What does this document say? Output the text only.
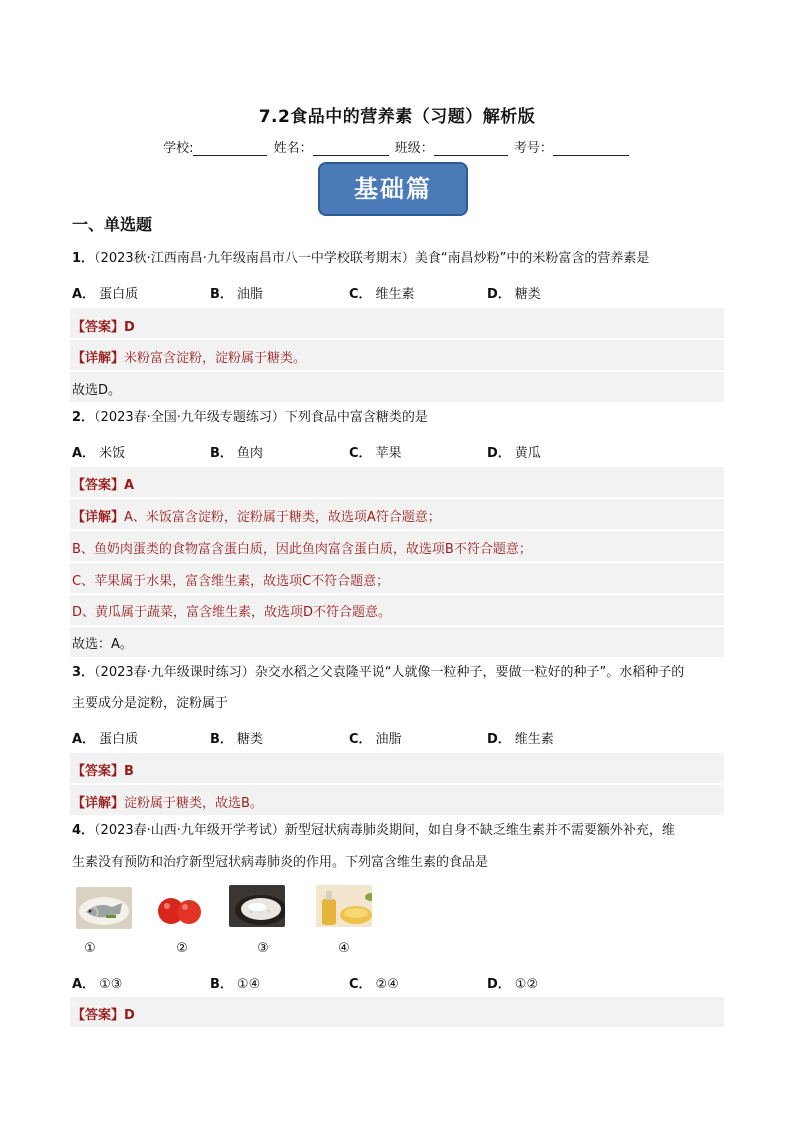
7.2食品中的营养素（习题）解析版
学校:	姓名：	班级：	考号：
基础篇
一、单选题
1．（2023秋·江西南昌·九年级南昌市八一中学校联考期末）美食“南昌炒粉”中的米粉富含的营养素是
A． 蛋白质	B． 油脂	C． 维生素	D． 糖类
【答案】D
【详解】米粉富含淀粉，淀粉属于糖类。
故选D。
2．（2023春·全国·九年级专题练习）下列食品中富含糖类的是
A． 米饭	B． 鱼肉	C． 苹果	D． 黄瓜
【答案】A
【详解】A、米饭富含淀粉，淀粉属于糖类，故选项A符合题意；
B、鱼奶肉蛋类的食物富含蛋白质，因此鱼肉富含蛋白质，故选项B不符合题意；
C、苹果属于水果，富含维生素，故选项C不符合题意；
D、黄瓜属于蔬菜，富含维生素，故选项D不符合题意。
故选：A。
3．（2023春·九年级课时练习）杂交水稻之父袁隆平说“人就像一粒种子，要做一粒好的种子”。水稻种子的
主要成分是淀粉，淀粉属于
A． 蛋白质	B． 糖类	C． 油脂	D． 维生素
【答案】B
【详解】淀粉属于糖类，故选B。
4．（2023春·山西·九年级开学考试）新型冠状病毒肺炎期间，如自身不缺乏维生素并不需要额外补充，维
生素没有预防和治疗新型冠状病毒肺炎的作用。下列富含维生素的食品是
①	②	③	④
A． ①③	B． ①④	C． ②④	D． ①②
【答案】D
